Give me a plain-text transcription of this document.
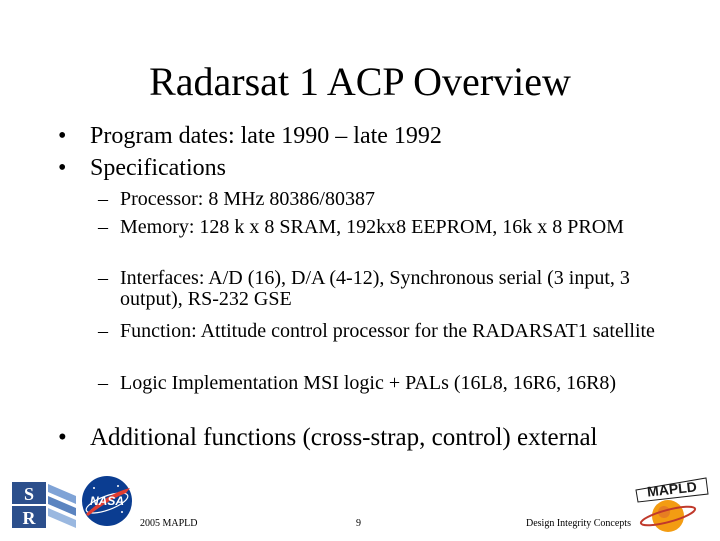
Radarsat 1 ACP Overview
• Program dates: late 1990 – late 1992
• Specifications
– Processor: 8 MHz 80386/80387
– Memory: 128 k x 8 SRAM, 192kx8 EEPROM, 16k x 8 PROM
– Interfaces: A/D (16), D/A (4-12), Synchronous serial (3 input, 3 output), RS-232 GSE
– Function: Attitude control processor for the RADARSAT1 satellite
– Logic Implementation MSI logic + PALs (16L8, 16R6, 16R8)
• Additional functions (cross-strap, control) external
2005 MAPLD	9	Design Integrity Concepts
S
R
NASA
MAPLD
